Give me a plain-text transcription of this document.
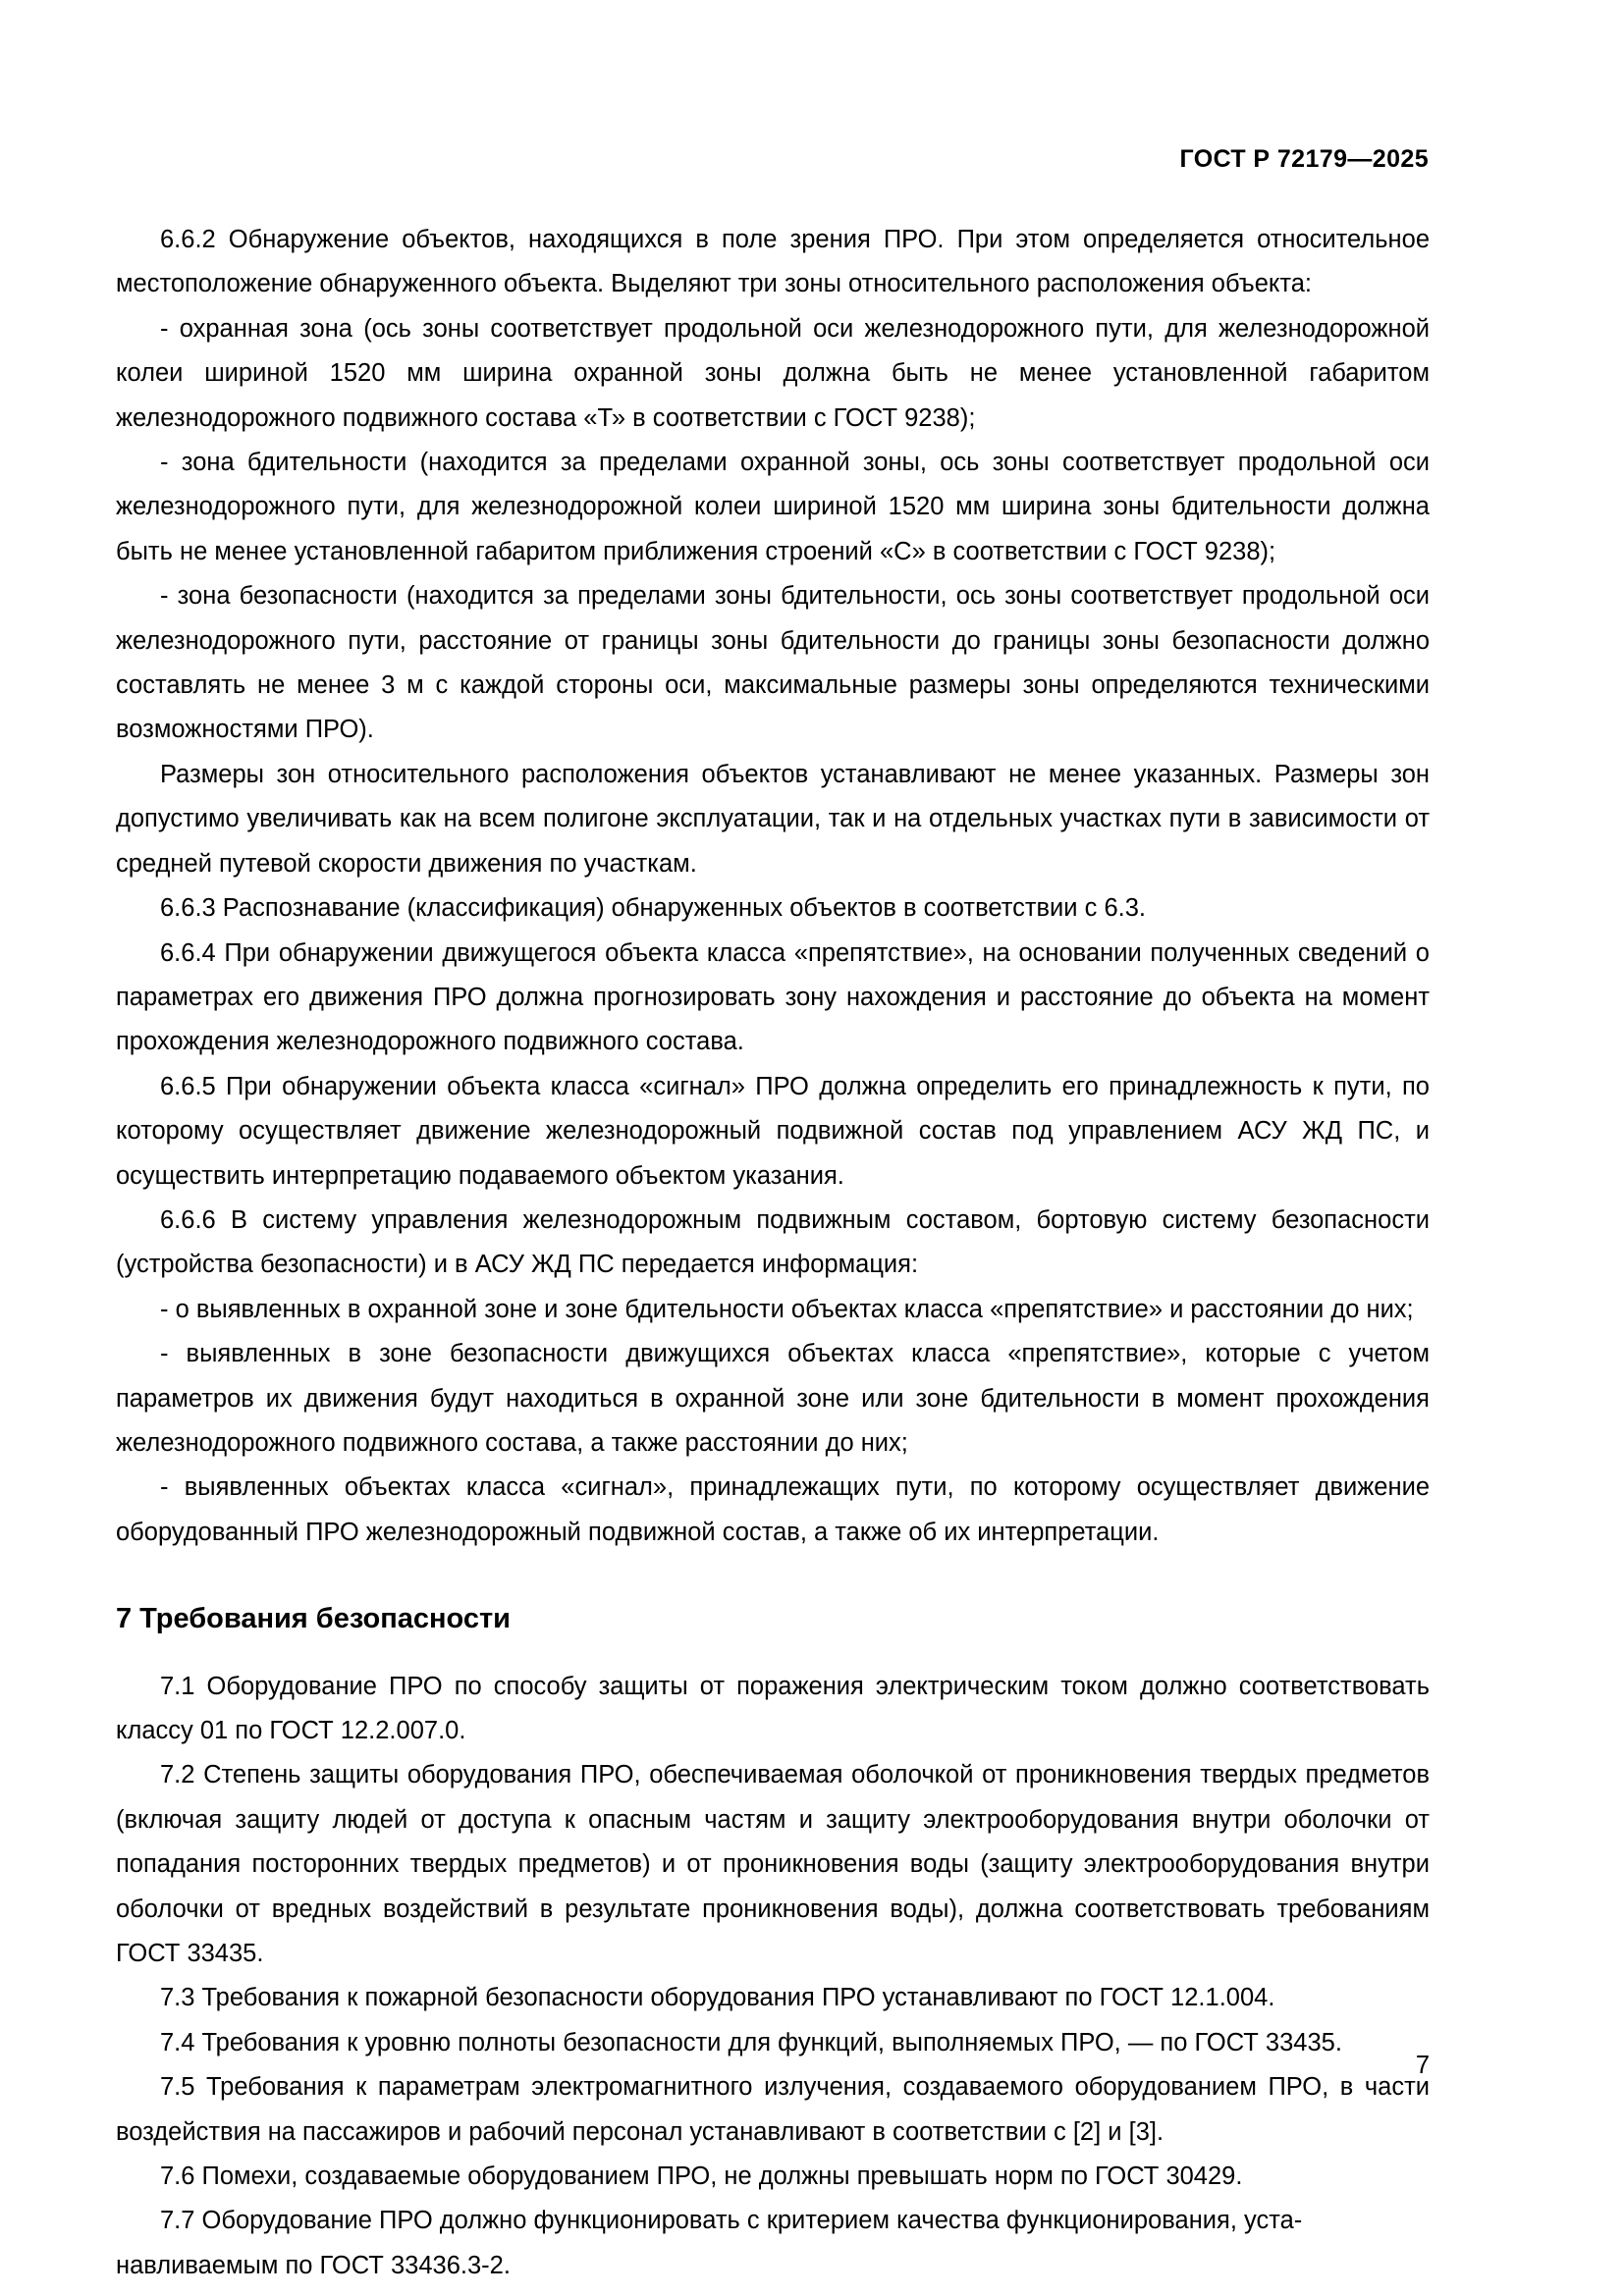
ГОСТ Р 72179—2025

6.6.2 Обнаружение объектов, находящихся в поле зрения ПРО. При этом определяется относительное местоположение обнаруженного объекта. Выделяют три зоны относительного расположения объекта:

- охранная зона (ось зоны соответствует продольной оси железнодорожного пути, для железнодорожной колеи шириной 1520 мм ширина охранной зоны должна быть не менее установленной габаритом железнодорожного подвижного состава «Т» в соответствии с ГОСТ 9238);

- зона бдительности (находится за пределами охранной зоны, ось зоны соответствует продольной оси железнодорожного пути, для железнодорожной колеи шириной 1520 мм ширина зоны бдительности должна быть не менее установленной габаритом приближения строений «С» в соответствии с ГОСТ 9238);

- зона безопасности (находится за пределами зоны бдительности, ось зоны соответствует продольной оси железнодорожного пути, расстояние от границы зоны бдительности до границы зоны безопасности должно составлять не менее 3 м с каждой стороны оси, максимальные размеры зоны определяются техническими возможностями ПРО).

Размеры зон относительного расположения объектов устанавливают не менее указанных. Размеры зон допустимо увеличивать как на всем полигоне эксплуатации, так и на отдельных участках пути в зависимости от средней путевой скорости движения по участкам.

6.6.3 Распознавание (классификация) обнаруженных объектов в соответствии с 6.3.

6.6.4 При обнаружении движущегося объекта класса «препятствие», на основании полученных сведений о параметрах его движения ПРО должна прогнозировать зону нахождения и расстояние до объекта на момент прохождения железнодорожного подвижного состава.

6.6.5 При обнаружении объекта класса «сигнал» ПРО должна определить его принадлежность к пути, по которому осуществляет движение железнодорожный подвижной состав под управлением АСУ ЖД ПС, и осуществить интерпретацию подаваемого объектом указания.

6.6.6 В систему управления железнодорожным подвижным составом, бортовую систему безопасности (устройства безопасности) и в АСУ ЖД ПС передается информация:

- о выявленных в охранной зоне и зоне бдительности объектах класса «препятствие» и расстоянии до них;

- выявленных в зоне безопасности движущихся объектах класса «препятствие», которые с учетом параметров их движения будут находиться в охранной зоне или зоне бдительности в момент прохождения железнодорожного подвижного состава, а также расстоянии до них;

- выявленных объектах класса «сигнал», принадлежащих пути, по которому осуществляет движение оборудованный ПРО железнодорожный подвижной состав, а также об их интерпретации.

7 Требования безопасности

7.1 Оборудование ПРО по способу защиты от поражения электрическим током должно соответствовать классу 01 по ГОСТ 12.2.007.0.

7.2 Степень защиты оборудования ПРО, обеспечиваемая оболочкой от проникновения твердых предметов (включая защиту людей от доступа к опасным частям и защиту электрооборудования внутри оболочки от попадания посторонних твердых предметов) и от проникновения воды (защиту электрооборудования внутри оболочки от вредных воздействий в результате проникновения воды), должна соответствовать требованиям ГОСТ 33435.

7.3 Требования к пожарной безопасности оборудования ПРО устанавливают по ГОСТ 12.1.004.

7.4 Требования к уровню полноты безопасности для функций, выполняемых ПРО, — по ГОСТ 33435.

7.5 Требования к параметрам электромагнитного излучения, создаваемого оборудованием ПРО, в части воздействия на пассажиров и рабочий персонал устанавливают в соответствии с [2] и [3].

7.6 Помехи, создаваемые оборудованием ПРО, не должны превышать норм по ГОСТ 30429.

7.7 Оборудование ПРО должно функционировать с критерием качества функционирования, устанавливаемым по ГОСТ 33436.3-2.

7
